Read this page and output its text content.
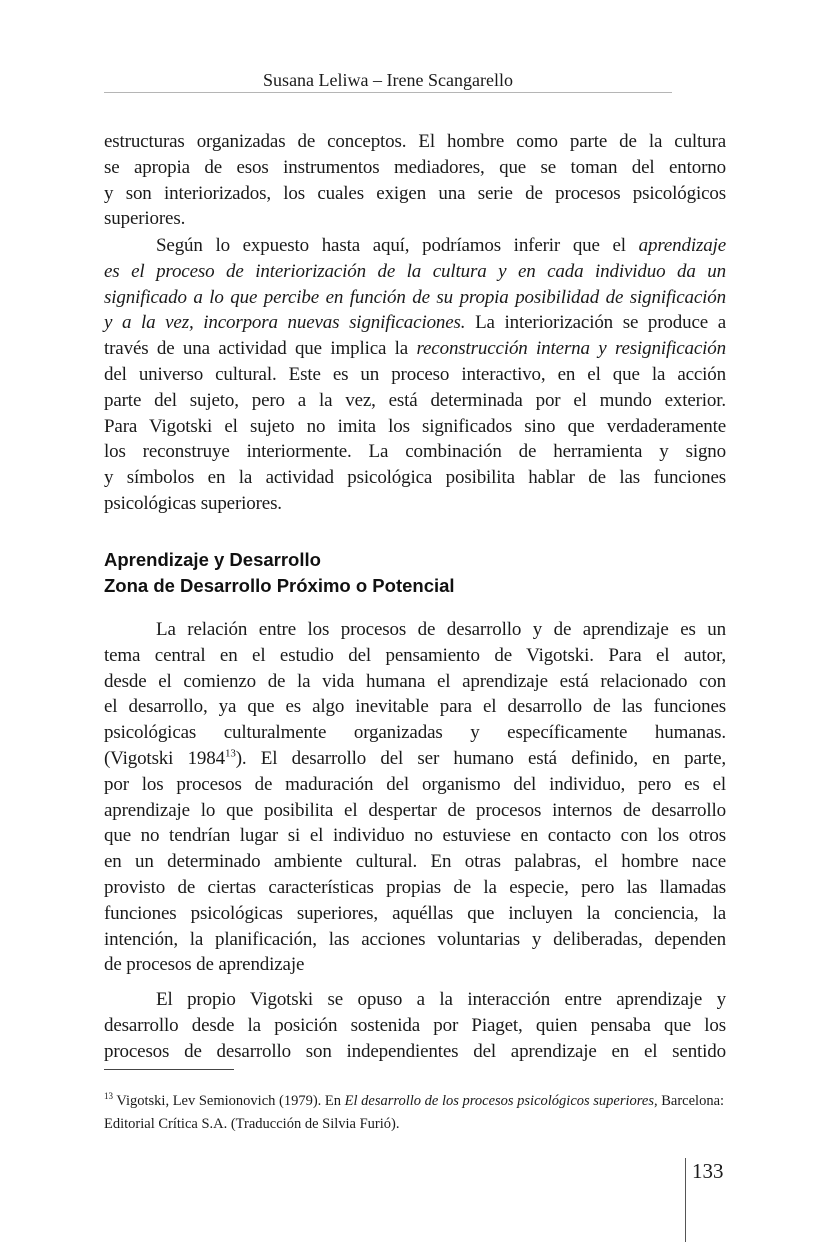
Susana Leliwa – Irene Scangarello
estructuras organizadas de conceptos. El hombre como parte de la cultura
se apropia de esos instrumentos mediadores, que se toman del entorno
y son interiorizados, los cuales exigen una serie de procesos psicológicos
superiores.
Según lo expuesto hasta aquí, podríamos inferir que el aprendizaje
es el proceso de interiorización de la cultura y en cada individuo da un
significado a lo que percibe en función de su propia posibilidad de significación
y a la vez, incorpora nuevas significaciones. La interiorización se produce a
través de una actividad que implica la reconstrucción interna y resignificación
del universo cultural. Este es un proceso interactivo, en el que la acción
parte del sujeto, pero a la vez, está determinada por el mundo exterior.
Para Vigotski el sujeto no imita los significados sino que verdaderamente
los reconstruye interiormente. La combinación de herramienta y signo
y símbolos en la actividad psicológica posibilita hablar de las funciones
psicológicas superiores.
Aprendizaje y Desarrollo
Zona de Desarrollo Próximo o Potencial
La relación entre los procesos de desarrollo y de aprendizaje es un
tema central en el estudio del pensamiento de Vigotski. Para el autor,
desde el comienzo de la vida humana el aprendizaje está relacionado con
el desarrollo, ya que es algo inevitable para el desarrollo de las funciones
psicológicas culturalmente organizadas y específicamente humanas.
(Vigotski 1984$^{13}$). El desarrollo del ser humano está definido, en parte,
por los procesos de maduración del organismo del individuo, pero es el
aprendizaje lo que posibilita el despertar de procesos internos de desarrollo
que no tendrían lugar si el individuo no estuviese en contacto con los otros
en un determinado ambiente cultural. En otras palabras, el hombre nace
provisto de ciertas características propias de la especie, pero las llamadas
funciones psicológicas superiores, aquéllas que incluyen la conciencia, la
intención, la planificación, las acciones voluntarias y deliberadas, dependen
de procesos de aprendizaje
El propio Vigotski se opuso a la interacción entre aprendizaje y
desarrollo desde la posición sostenida por Piaget, quien pensaba que los
procesos de desarrollo son independientes del aprendizaje en el sentido
$^{13}$ Vigotski, Lev Semionovich (1979). En El desarrollo de los procesos psicológicos superiores, Barcelona:
Editorial Crítica S.A. (Traducción de Silvia Furió).
133
